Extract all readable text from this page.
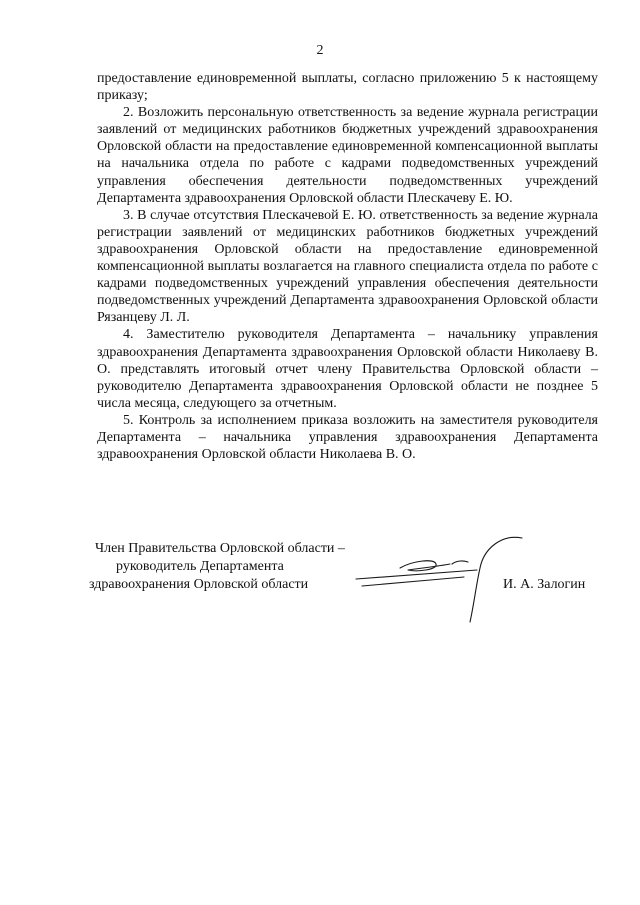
2

предоставление единовременной выплаты, согласно приложению 5 к настоящему приказу;

2. Возложить персональную ответственность за ведение журнала регистрации заявлений от медицинских работников бюджетных учреждений здравоохранения Орловской области на предоставление единовременной компенсационной выплаты на начальника отдела по работе с кадрами подведомственных учреждений управления обеспечения деятельности подведомственных учреждений Департамента здравоохранения Орловской области Плескачеву Е. Ю.

3. В случае отсутствия Плескачевой Е. Ю. ответственность за ведение журнала регистрации заявлений от медицинских работников бюджетных учреждений здравоохранения Орловской области на предоставление единовременной компенсационной выплаты возлагается на главного специалиста отдела по работе с кадрами подведомственных учреждений управления обеспечения деятельности подведомственных учреждений Департамента здравоохранения Орловской области Рязанцеву Л. Л.

4. Заместителю руководителя Департамента – начальнику управления здравоохранения Департамента здравоохранения Орловской области Николаеву В. О. представлять итоговый отчет члену Правительства Орловской области – руководителю Департамента здравоохранения Орловской области не позднее 5 числа месяца, следующего за отчетным.

5. Контроль за исполнением приказа возложить на заместителя руководителя Департамента – начальника управления здравоохранения Департамента здравоохранения Орловской области Николаева В. О.

Член Правительства Орловской области –
руководитель Департамента
здравоохранения Орловской области	И. А. Залогин
